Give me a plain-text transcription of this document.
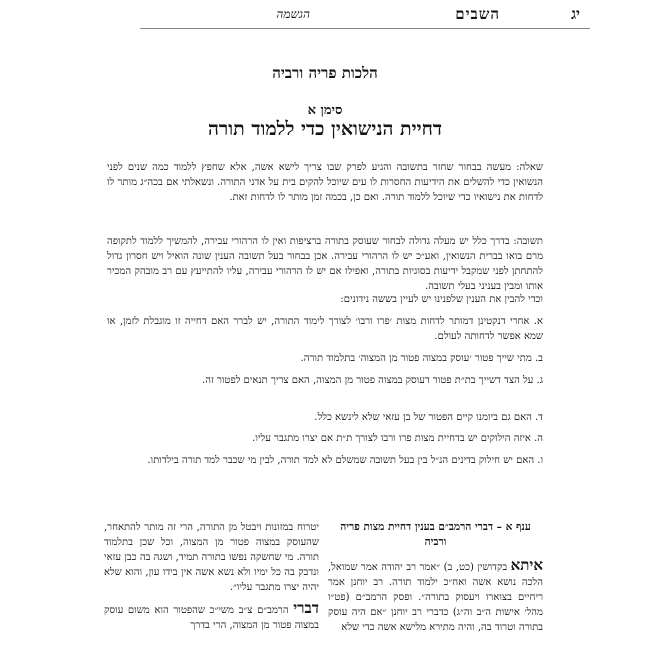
יג
השבים
הגשמה
הלכות פריה ורביה
סימן א
דחיית הנישואין כדי ללמוד תורה

שאלה: מעשה בבחור שחזר בתשובה והגיע לפרק שבו צריך לישא אשה, אלא שחפץ ללמוד כמה שנים לפני הנשואין כדי להשלים את הידיעות החסרות לו עים שיוכל להקים בית על אדני התורה. ונשאלתי אם בכה״ג מותר לו לדחות את נישואיו כדי שיוכל ללמוד תורה. ואם כן, בכמה זמן מותר לו לדחות זאת.

תשובה: בדרך כלל יש מעלה גדולה לבחור שעוסק בתורה ברציפות ואין לו הרהורי עבירה, להמשיך ללמוד לתקופה מרם בואו בברית הנשואין, ואע״כ יש לו הרהורי עבירה. אכן בבחור בעל תשובה הענין שונה הואיל ויש חסרון גדול להתחתן לפני שמקבל ידיעות בסוגיות בתורה, ואפילו אם יש לו הרהורי עבירה, עליו להתייעץ עם רב מובהק המכיר אותו ומבין בעניני בעלי תשובה.

וכדי להבין את הענין שלפנינו יש לעיין בששה נידונים:

א. אחרי דנקטינן דמותר לדחות מצות ׳פרו ורבו׳ לצורך לימוד התורה, יש לברר האם דחייה זו מוגבלת לזמן, או שמא אפשר לדחותה לעולם.

ב. מתי שייך פטור ׳עוסק במצוה פטור מן המצוה׳ בתלמוד תורה.

ג. על הצד דשייך בת״ת פטור דעוסק במצוה פטור מן המצוה, האם צריך תנאים לפטור זה.

ד. האם גם ביומנו קיים הפטור של בן עזאי שלא לינשא כלל.

ה. איזה הילוקים יש בדחיית מצות פרו ורבו לצורך ת״ת אם יצרו מתגבר עליו.

ו. האם יש חילוק בדינים הנ״ל בין בעל תשובה שמשלם לא למד תורה, לבין מי שכבר למד תורה בילדותו.

ענף א – דברי הרמב״ם בענין דחיית מצות פריה ורביה

איתא בקדושין (כט, ב) ״אמר רב יהודה אמר שמואל, הלכה נושא אשה ואח״כ ילמוד תורה. רב יוחנן אמר ריחיים בצוארו ויעסוק בתורה״. ופסק הרמב״ם (פט״ו מהל׳ אישות ה״ב וה״ג) כדברי רב יוחנן ״אם היה עוסק בתורה וטרוד בה, והיה מתירא מלישא אשה כדי שלא

יטרוח במזונות ויבטל מן התורה, הרי זה מותר להתאחר, שהעוסק במצוה פטור מן המצוה, וכל שכן בתלמוד תורה. מי שחשקה נפשו בתורה תמיד, ושגה בה כבן עזאי ונדבק בה כל ימיו ולא נשא אשה אין בידו עון, והוא שלא יהיה יצרו מתגבר עליו״.

דברי הרמב״ם צ״ב משי״כ שהפטור הוא משום עוסק במצוה פטור מן המצוה, הרי בדרך
